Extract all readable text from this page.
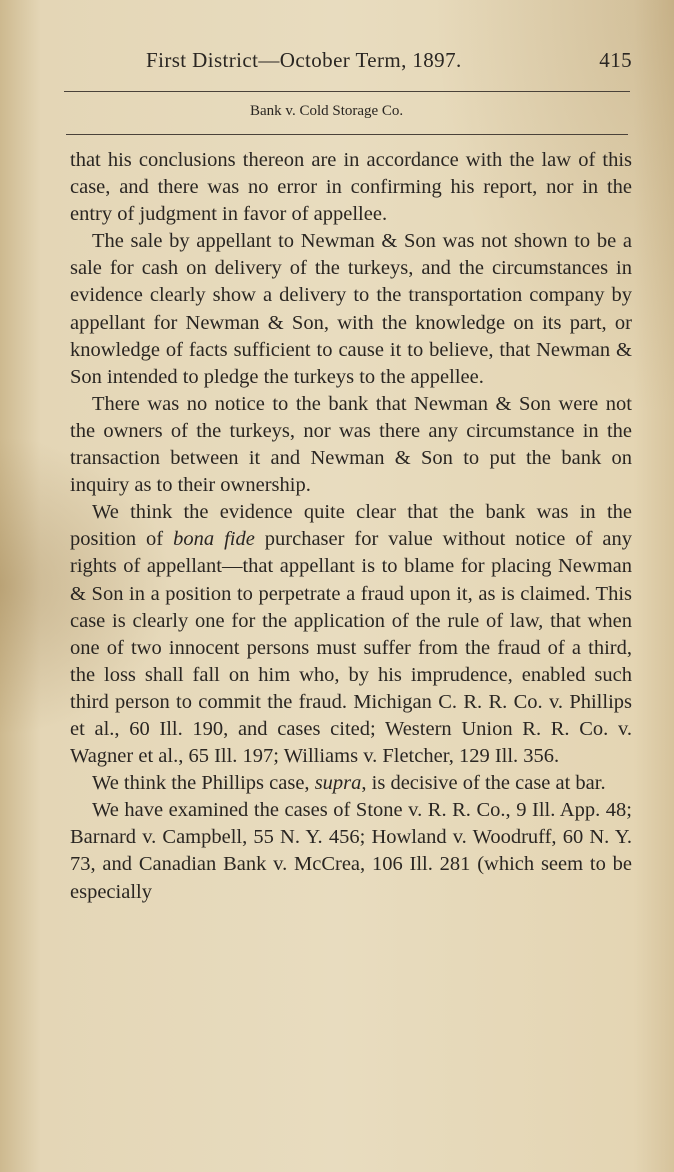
First District—October Term, 1897.	415
Bank v. Cold Storage Co.

that his conclusions thereon are in accordance with the law of this case, and there was no error in confirming his report, nor in the entry of judgment in favor of appellee.

The sale by appellant to Newman & Son was not shown to be a sale for cash on delivery of the turkeys, and the circumstances in evidence clearly show a delivery to the transportation company by appellant for Newman & Son, with the knowledge on its part, or knowledge of facts sufficient to cause it to believe, that Newman & Son intended to pledge the turkeys to the appellee.

There was no notice to the bank that Newman & Son were not the owners of the turkeys, nor was there any circumstance in the transaction between it and Newman & Son to put the bank on inquiry as to their ownership.

We think the evidence quite clear that the bank was in the position of bona fide purchaser for value without notice of any rights of appellant—that appellant is to blame for placing Newman & Son in a position to perpetrate a fraud upon it, as is claimed. This case is clearly one for the application of the rule of law, that when one of two innocent persons must suffer from the fraud of a third, the loss shall fall on him who, by his imprudence, enabled such third person to commit the fraud. Michigan C. R. R. Co. v. Phillips et al., 60 Ill. 190, and cases cited; Western Union R. R. Co. v. Wagner et al., 65 Ill. 197; Williams v. Fletcher, 129 Ill. 356.

We think the Phillips case, supra, is decisive of the case at bar.

We have examined the cases of Stone v. R. R. Co., 9 Ill. App. 48; Barnard v. Campbell, 55 N. Y. 456; Howland v. Woodruff, 60 N. Y. 73, and Canadian Bank v. McCrea, 106 Ill. 281 (which seem to be especially
